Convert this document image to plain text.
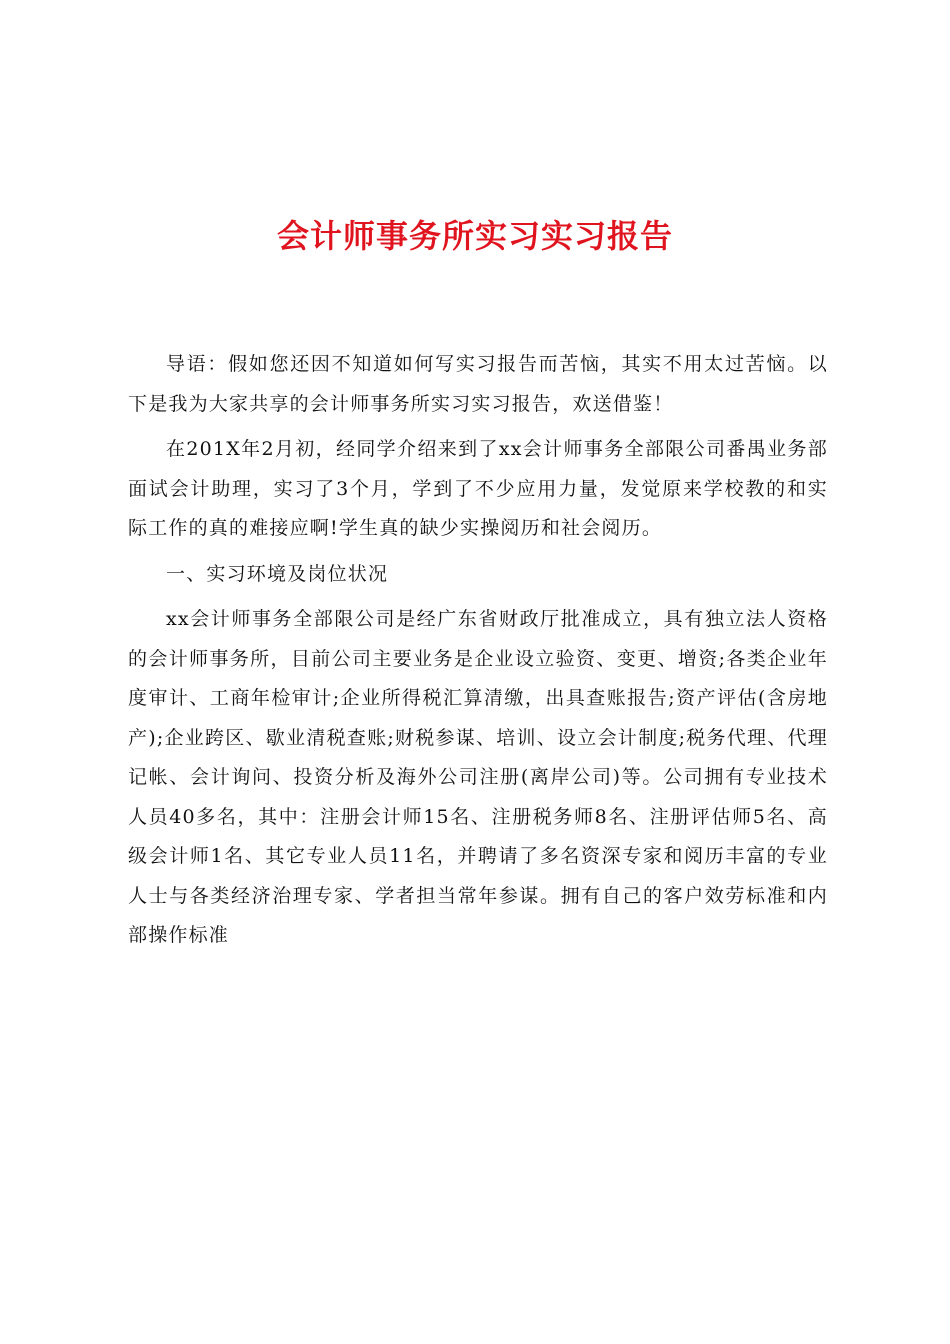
会计师事务所实习实习报告

导语：假如您还因不知道如何写实习报告而苦恼，其实不用太过苦恼。以下是我为大家共享的会计师事务所实习实习报告，欢送借鉴！

在201X年2月初，经同学介绍来到了xx会计师事务全部限公司番禺业务部面试会计助理，实习了3个月，学到了不少应用力量，发觉原来学校教的和实际工作的真的难接应啊!学生真的缺少实操阅历和社会阅历。

一、实习环境及岗位状况

xx会计师事务全部限公司是经广东省财政厅批准成立，具有独立法人资格的会计师事务所，目前公司主要业务是企业设立验资、变更、增资;各类企业年度审计、工商年检审计;企业所得税汇算清缴，出具查账报告;资产评估(含房地产);企业跨区、歇业清税查账;财税参谋、培训、设立会计制度;税务代理、代理记帐、会计询问、投资分析及海外公司注册(离岸公司)等。公司拥有专业技术人员40多名，其中：注册会计师15名、注册税务师8名、注册评估师5名、高级会计师1名、其它专业人员11名，并聘请了多名资深专家和阅历丰富的专业人士与各类经济治理专家、学者担当常年参谋。拥有自己的客户效劳标准和内部操作标准
